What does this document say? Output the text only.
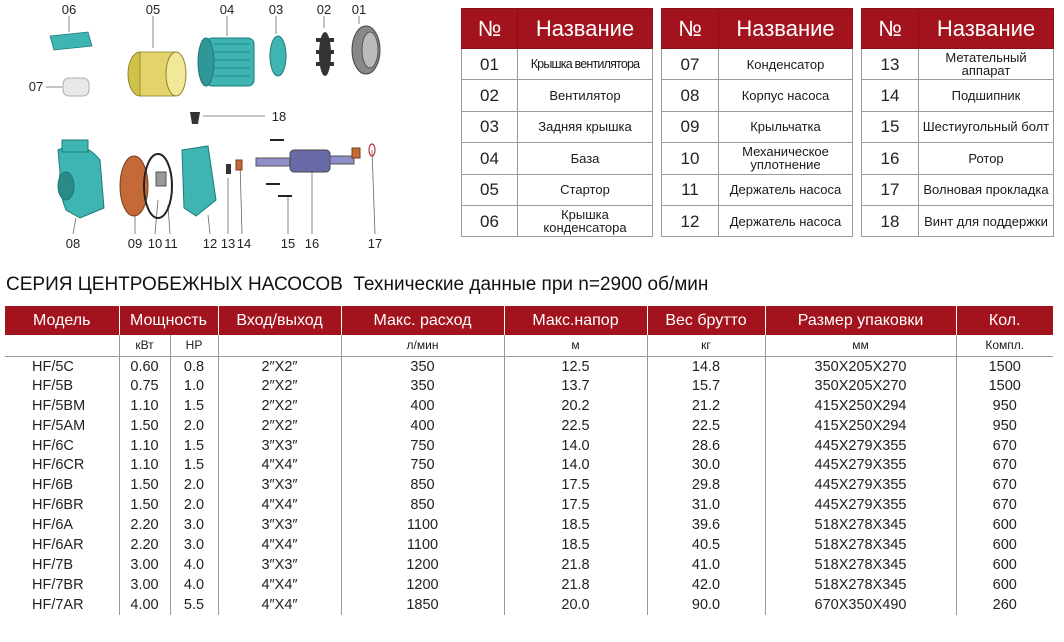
06	05	04	03	02 01
07
18
08	09 10 11	12 13 14 15 16	17
№	Название
01	Крышка вентилятора
02	Вентилятор
03	Задняя крышка
04	База
05	Стартор
06	Крышка конденсатора
№	Название
07	Конденсатор
08	Корпус насоса
09	Крыльчатка
10	Механическое уплотнение
11	Держатель насоса
12	Держатель насоса
№	Название
13	Метательный аппарат
14	Подшипник
15	Шестиугольный болт
16	Ротор
17	Волновая прокладка
18	Винт для поддержки
СЕРИЯ ЦЕНТРОБЕЖНЫХ НАСОСОВ  Технические данные при n=2900 об/мин
Модель	Мощность		Вход/выход	Макс. расход	Макс.напор	Вес брутто	Размер упаковки	Кол.
	кВт	HP		л/мин	м	кг	мм	Компл.
HF/5C	0.60	0.8	2″X2″	350	12.5	14.8	350X205X270	1500
HF/5B	0.75	1.0	2″X2″	350	13.7	15.7	350X205X270	1500
HF/5BM	1.10	1.5	2″X2″	400	20.2	21.2	415X250X294	950
HF/5AM	1.50	2.0	2″X2″	400	22.5	22.5	415X250X294	950
HF/6C	1.10	1.5	3″X3″	750	14.0	28.6	445X279X355	670
HF/6CR	1.10	1.5	4″X4″	750	14.0	30.0	445X279X355	670
HF/6B	1.50	2.0	3″X3″	850	17.5	29.8	445X279X355	670
HF/6BR	1.50	2.0	4″X4″	850	17.5	31.0	445X279X355	670
HF/6A	2.20	3.0	3″X3″	1100	18.5	39.6	518X278X345	600
HF/6AR	2.20	3.0	4″X4″	1100	18.5	40.5	518X278X345	600
HF/7B	3.00	4.0	3″X3″	1200	21.8	41.0	518X278X345	600
HF/7BR	3.00	4.0	4″X4″	1200	21.8	42.0	518X278X345	600
HF/7AR	4.00	5.5	4″X4″	1850	20.0	90.0	670X350X490	260
